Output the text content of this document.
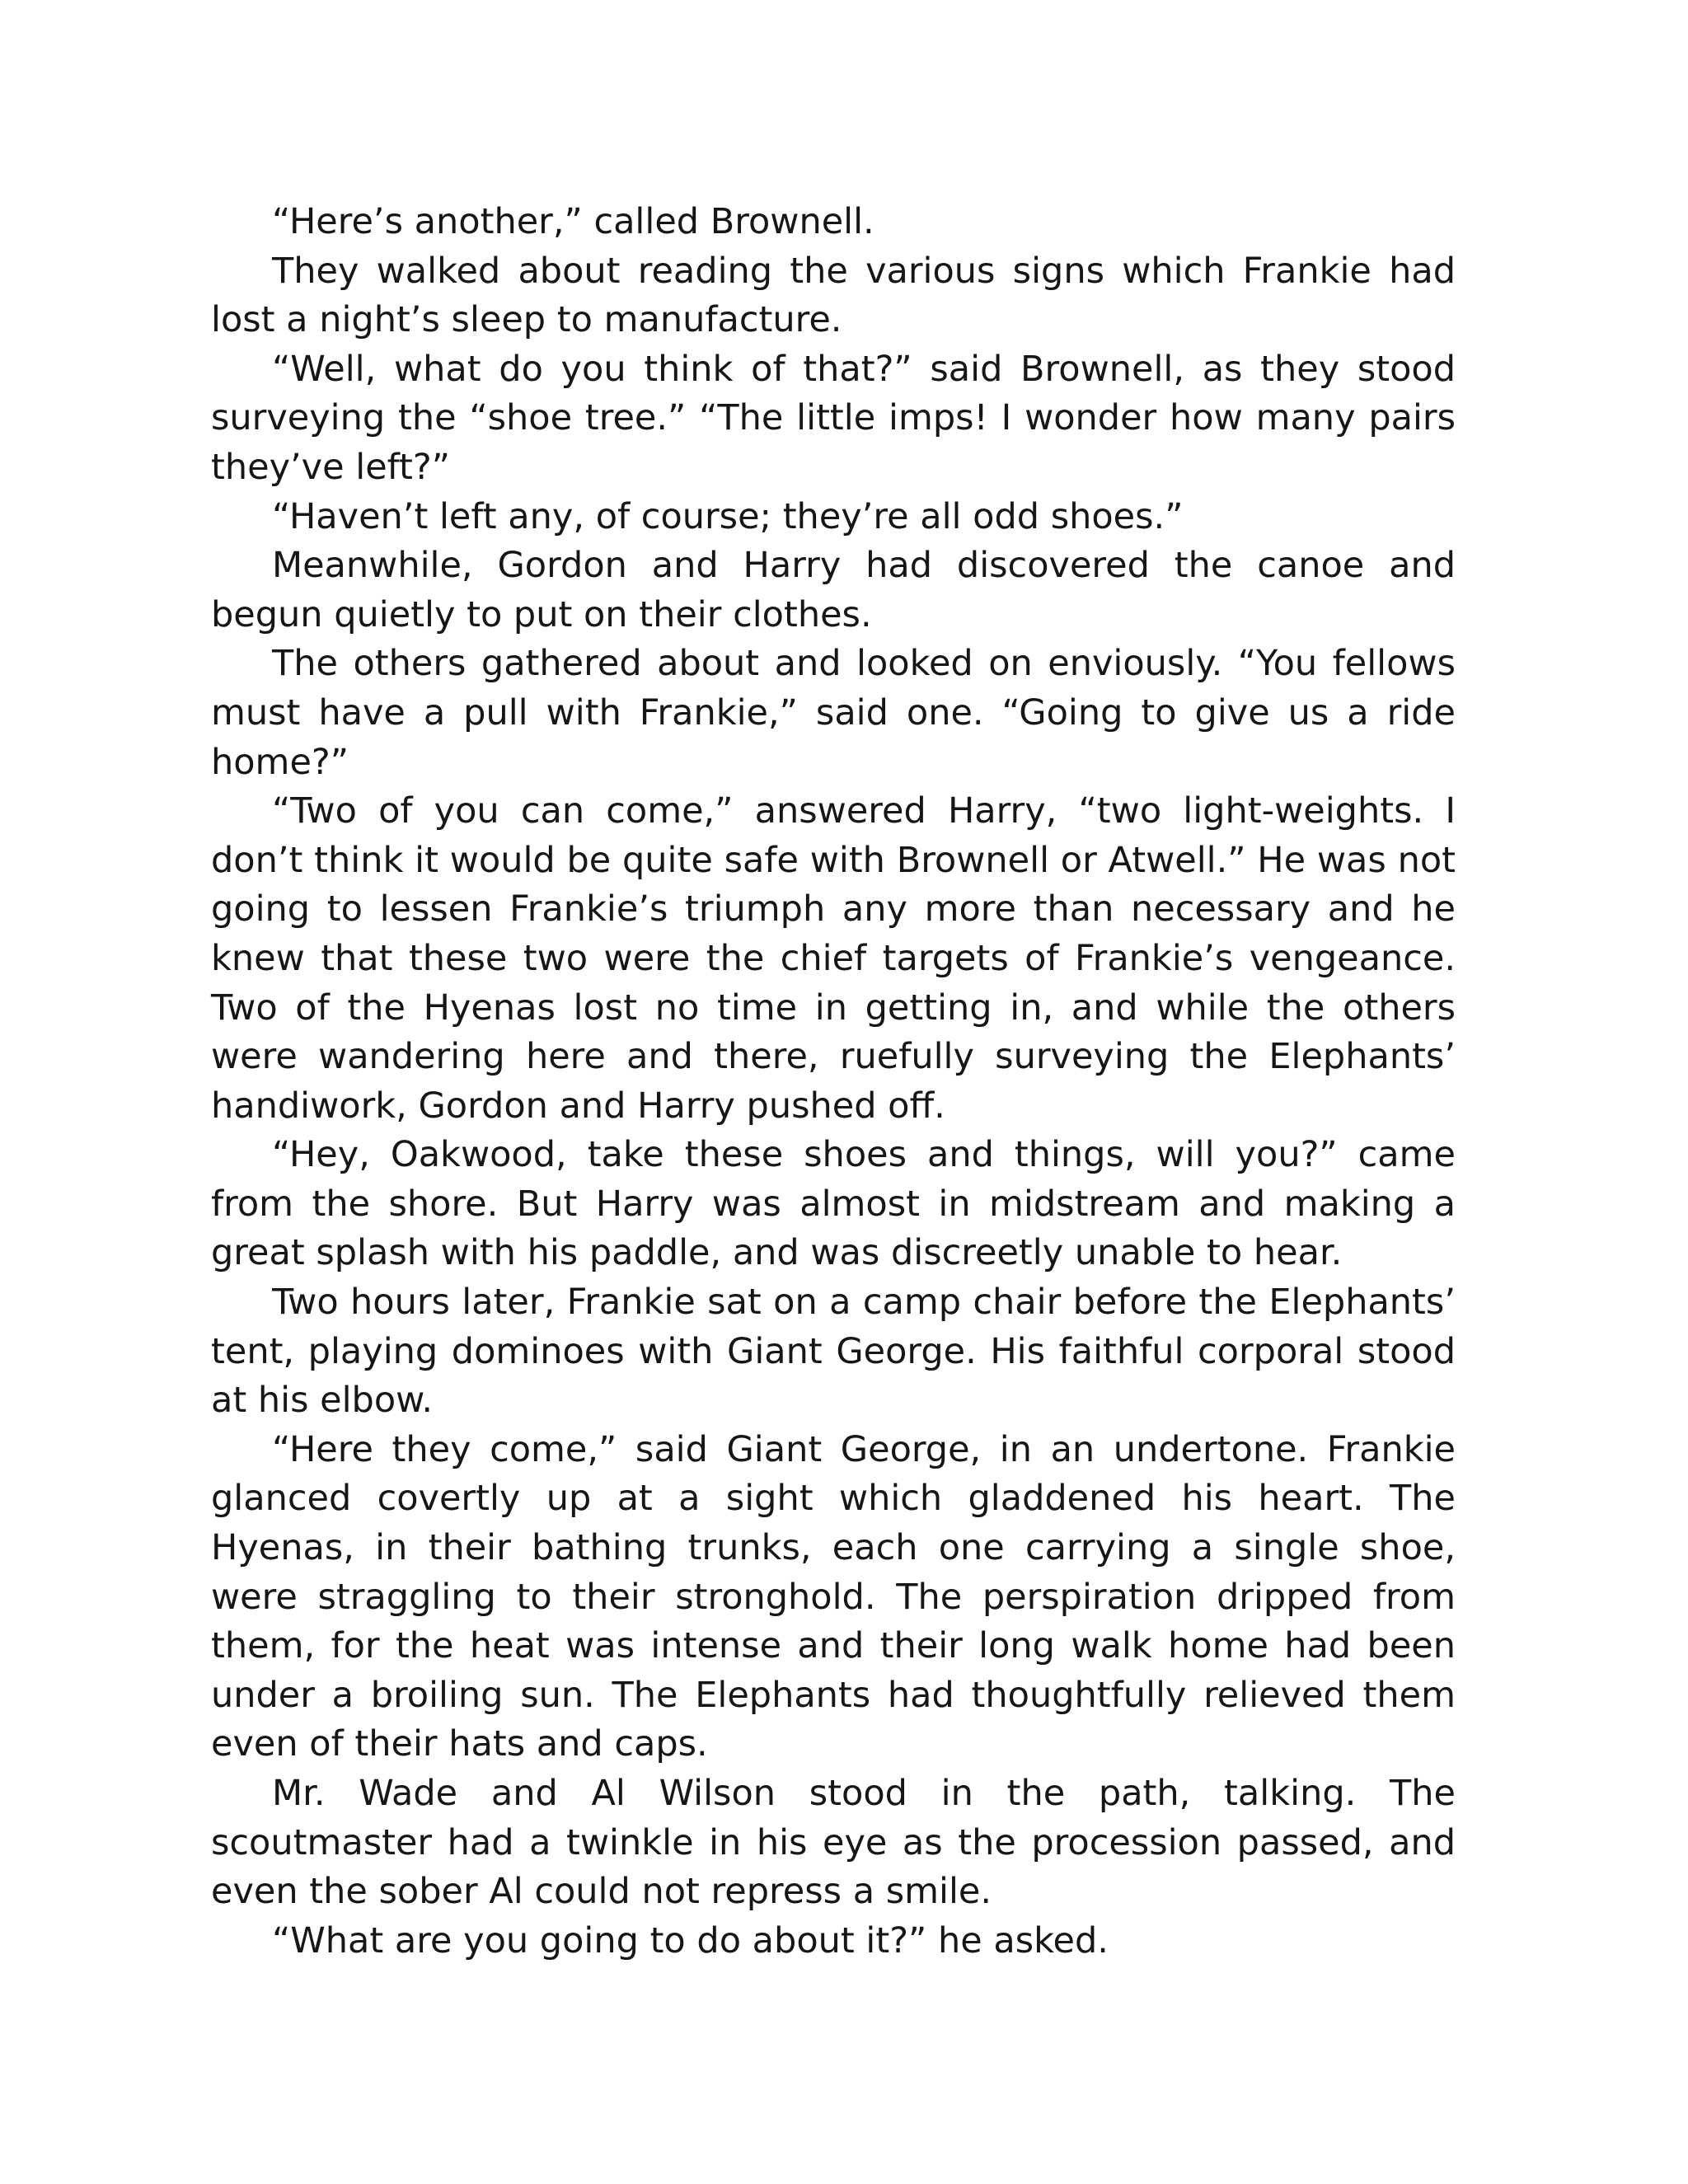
“Here’s another,” called Brownell.

They walked about reading the various signs which Frankie had lost a night’s sleep to manufacture.

“Well, what do you think of that?” said Brownell, as they stood surveying the “shoe tree.” “The little imps! I wonder how many pairs they’ve left?”

“Haven’t left any, of course; they’re all odd shoes.”

Meanwhile, Gordon and Harry had discovered the canoe and begun quietly to put on their clothes.

The others gathered about and looked on enviously. “You fellows must have a pull with Frankie,” said one. “Going to give us a ride home?”

“Two of you can come,” answered Harry, “two light-weights. I don’t think it would be quite safe with Brownell or Atwell.” He was not going to lessen Frankie’s triumph any more than necessary and he knew that these two were the chief targets of Frankie’s vengeance. Two of the Hyenas lost no time in getting in, and while the others were wandering here and there, ruefully surveying the Elephants’ handiwork, Gordon and Harry pushed off.

“Hey, Oakwood, take these shoes and things, will you?” came from the shore. But Harry was almost in midstream and making a great splash with his paddle, and was discreetly unable to hear.

Two hours later, Frankie sat on a camp chair before the Elephants’ tent, playing dominoes with Giant George. His faithful corporal stood at his elbow.

“Here they come,” said Giant George, in an undertone. Frankie glanced covertly up at a sight which gladdened his heart. The Hyenas, in their bathing trunks, each one carrying a single shoe, were straggling to their stronghold. The perspiration dripped from them, for the heat was intense and their long walk home had been under a broiling sun. The Elephants had thoughtfully relieved them even of their hats and caps.

Mr. Wade and Al Wilson stood in the path, talking. The scoutmaster had a twinkle in his eye as the procession passed, and even the sober Al could not repress a smile.

“What are you going to do about it?” he asked.
